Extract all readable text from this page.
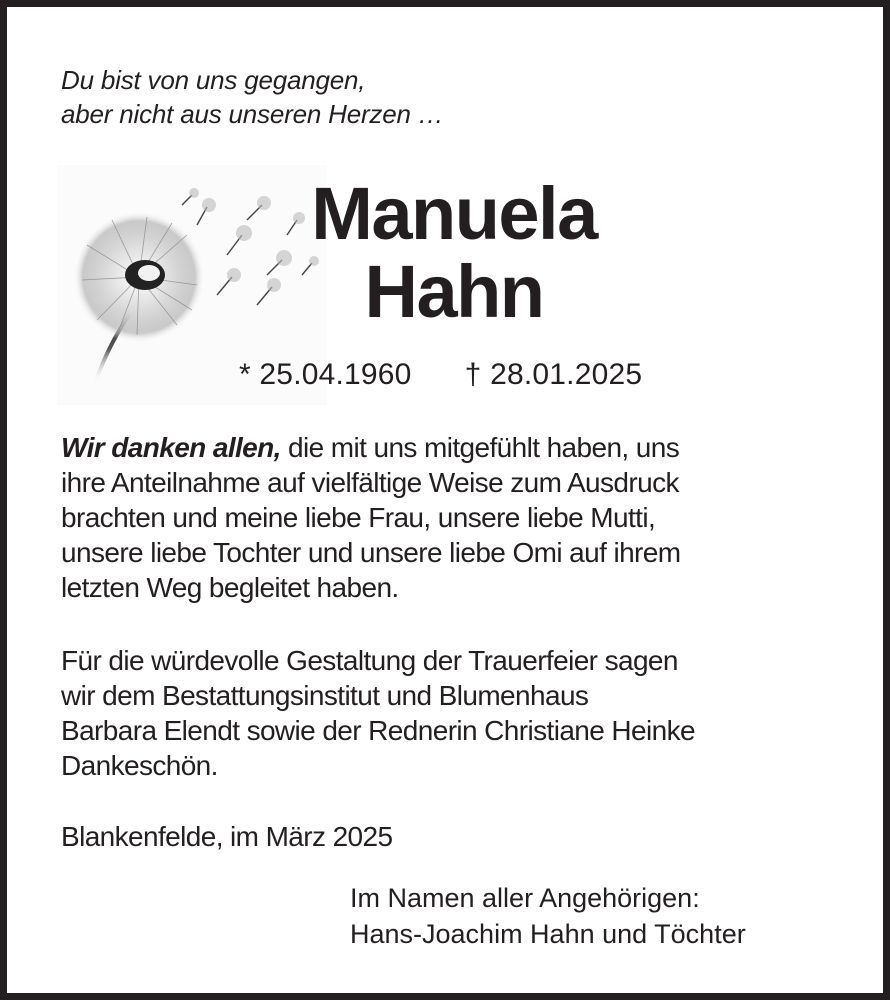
Du bist von uns gegangen,
aber nicht aus unseren Herzen …
Manuela
Hahn
* 25.04.1960 † 28.01.2025
Wir danken allen, die mit uns mitgefühlt haben, uns
ihre Anteilnahme auf vielfältige Weise zum Ausdruck
brachten und meine liebe Frau, unsere liebe Mutti,
unsere liebe Tochter und unsere liebe Omi auf ihrem
letzten Weg begleitet haben.
Für die würdevolle Gestaltung der Trauerfeier sagen
wir dem Bestattungsinstitut und Blumenhaus
Barbara Elendt sowie der Rednerin Christiane Heinke
Dankeschön.
Blankenfelde, im März 2025
Im Namen aller Angehörigen:
Hans-Joachim Hahn und Töchter
